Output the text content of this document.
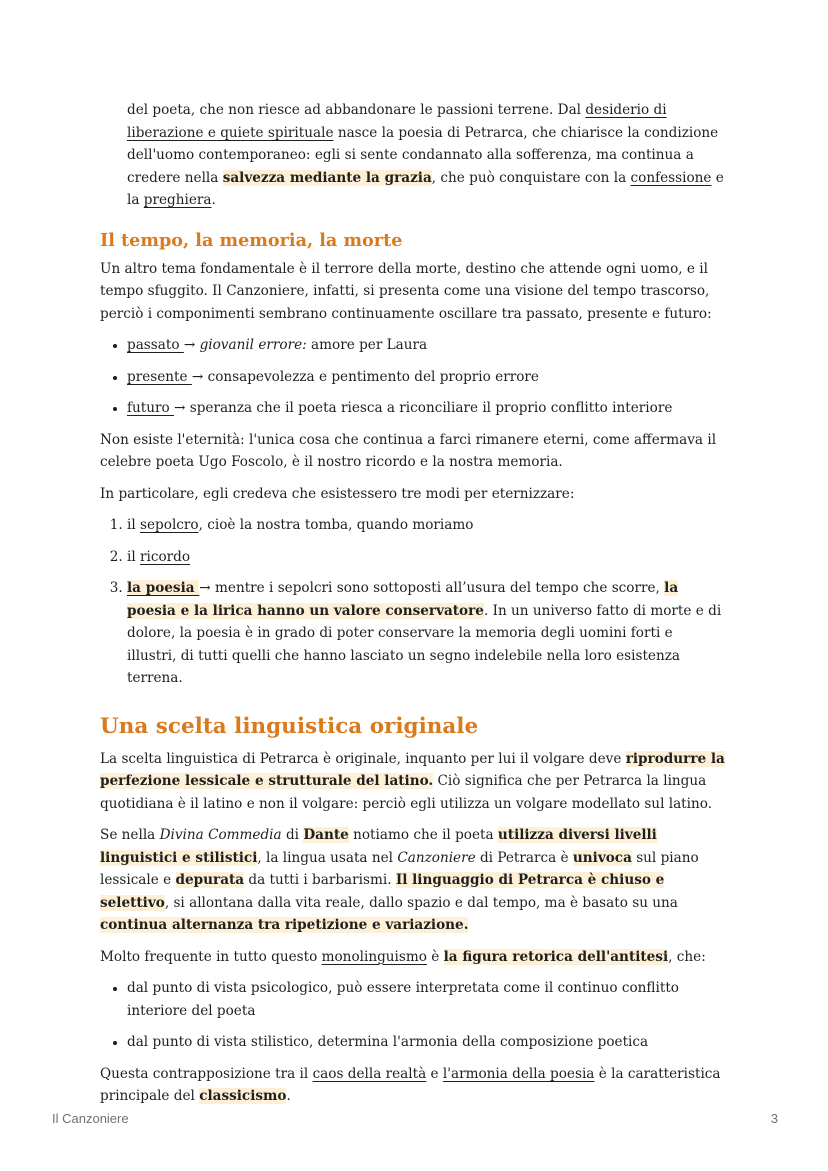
del poeta, che non riesce ad abbandonare le passioni terrene. Dal desiderio di liberazione e quiete spirituale nasce la poesia di Petrarca, che chiarisce la condizione dell'uomo contemporaneo: egli si sente condannato alla sofferenza, ma continua a credere nella salvezza mediante la grazia, che può conquistare con la confessione e la preghiera.

Il tempo, la memoria, la morte

Un altro tema fondamentale è il terrore della morte, destino che attende ogni uomo, e il tempo sfuggito. Il Canzoniere, infatti, si presenta come una visione del tempo trascorso, perciò i componimenti sembrano continuamente oscillare tra passato, presente e futuro:

• passato → giovanil errore: amore per Laura
• presente → consapevolezza e pentimento del proprio errore
• futuro → speranza che il poeta riesca a riconciliare il proprio conflitto interiore

Non esiste l'eternità: l'unica cosa che continua a farci rimanere eterni, come affermava il celebre poeta Ugo Foscolo, è il nostro ricordo e la nostra memoria.

In particolare, egli credeva che esistessero tre modi per eternizzare:

1. il sepolcro, cioè la nostra tomba, quando moriamo
2. il ricordo
3. la poesia → mentre i sepolcri sono sottoposti all’usura del tempo che scorre, la poesia e la lirica hanno un valore conservatore. In un universo fatto di morte e di dolore, la poesia è in grado di poter conservare la memoria degli uomini forti e illustri, di tutti quelli che hanno lasciato un segno indelebile nella loro esistenza terrena.
Una scelta linguistica originale

La scelta linguistica di Petrarca è originale, inquanto per lui il volgare deve riprodurre la perfezione lessicale e strutturale del latino. Ciò significa che per Petrarca la lingua quotidiana è il latino e non il volgare: perciò egli utilizza un volgare modellato sul latino.

Se nella Divina Commedia di Dante notiamo che il poeta utilizza diversi livelli linguistici e stilistici, la lingua usata nel Canzoniere di Petrarca è univoca sul piano lessicale e depurata da tutti i barbarismi. Il linguaggio di Petrarca è chiuso e selettivo, si allontana dalla vita reale, dallo spazio e dal tempo, ma è basato su una continua alternanza tra ripetizione e variazione.

Molto frequente in tutto questo monolinguismo è la figura retorica dell'antitesi, che:

• dal punto di vista psicologico, può essere interpretata come il continuo conflitto interiore del poeta
• dal punto di vista stilistico, determina l'armonia della composizione poetica

Questa contrapposizione tra il caos della realtà e l'armonia della poesia è la caratteristica principale del classicismo.

Il Canzoniere	3
